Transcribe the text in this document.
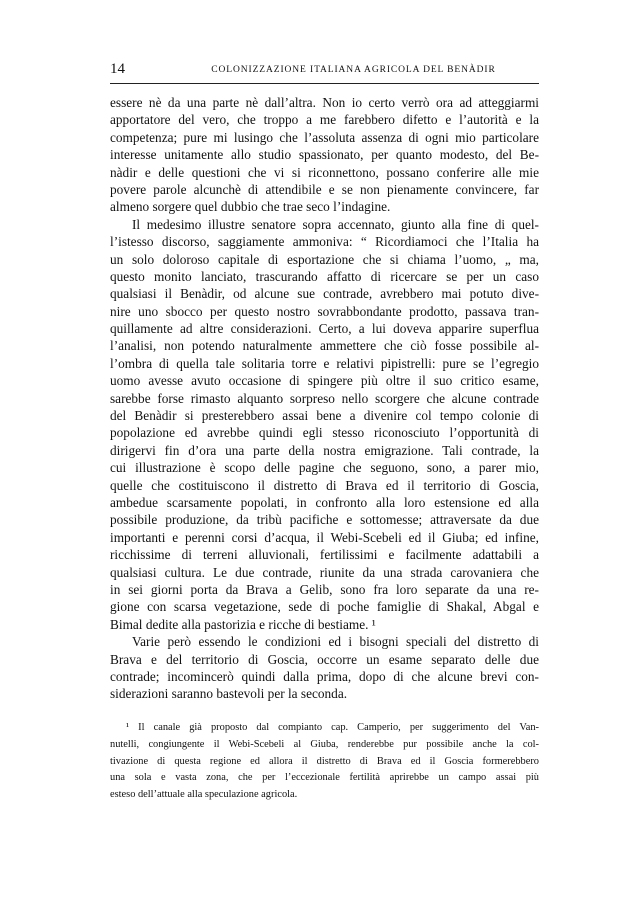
14	COLONIZZAZIONE ITALIANA AGRICOLA DEL BENÀDIR
essere nè da una parte nè dall’altra. Non io certo verrò ora ad atteggiarmi
apportatore del vero, che troppo a me farebbero difetto e l’autorità e la
competenza; pure mi lusingo che l’assoluta assenza di ogni mio particolare
interesse unitamente allo studio spassionato, per quanto modesto, del Be-
nàdir e delle questioni che vi si riconnettono, possano conferire alle mie
povere parole alcunchè di attendibile e se non pienamente convincere, far
almeno sorgere quel dubbio che trae seco l’indagine.
Il medesimo illustre senatore sopra accennato, giunto alla fine di quel-
l’istesso discorso, saggiamente ammoniva: “ Ricordiamoci che l’Italia ha
un solo doloroso capitale di esportazione che si chiama l’uomo, „ ma,
questo monito lanciato, trascurando affatto di ricercare se per un caso
qualsiasi il Benàdir, od alcune sue contrade, avrebbero mai potuto dive-
nire uno sbocco per questo nostro sovrabbondante prodotto, passava tran-
quillamente ad altre considerazioni. Certo, a lui doveva apparire superflua
l’analisi, non potendo naturalmente ammettere che ciò fosse possibile al-
l’ombra di quella tale solitaria torre e relativi pipistrelli: pure se l’egregio
uomo avesse avuto occasione di spingere più oltre il suo critico esame,
sarebbe forse rimasto alquanto sorpreso nello scorgere che alcune contrade
del Benàdir si presterebbero assai bene a divenire col tempo colonie di
popolazione ed avrebbe quindi egli stesso riconosciuto l’opportunità di
dirigervi fin d’ora una parte della nostra emigrazione. Tali contrade, la
cui illustrazione è scopo delle pagine che seguono, sono, a parer mio,
quelle che costituiscono il distretto di Brava ed il territorio di Goscia,
ambedue scarsamente popolati, in confronto alla loro estensione ed alla
possibile produzione, da tribù pacifiche e sottomesse; attraversate da due
importanti e perenni corsi d’acqua, il Webi-Scebeli ed il Giuba; ed infine,
ricchissime di terreni alluvionali, fertilissimi e facilmente adattabili a
qualsiasi cultura. Le due contrade, riunite da una strada carovaniera che
in sei giorni porta da Brava a Gelib, sono fra loro separate da una re-
gione con scarsa vegetazione, sede di poche famiglie di Shakal, Abgal e
Bimal dedite alla pastorizia e ricche di bestiame. ¹
Varie però essendo le condizioni ed i bisogni speciali del distretto di
Brava e del territorio di Goscia, occorre un esame separato delle due
contrade; incomincerò quindi dalla prima, dopo di che alcune brevi con-
siderazioni saranno bastevoli per la seconda.
¹ Il canale già proposto dal compianto cap. Camperio, per suggerimento del Van-
nutelli, congiungente il Webi-Scebeli al Giuba, renderebbe pur possibile anche la col-
tivazione di questa regione ed allora il distretto di Brava ed il Goscia formerebbero
una sola e vasta zona, che per l’eccezionale fertilità aprirebbe un campo assai più
esteso dell’attuale alla speculazione agricola.
